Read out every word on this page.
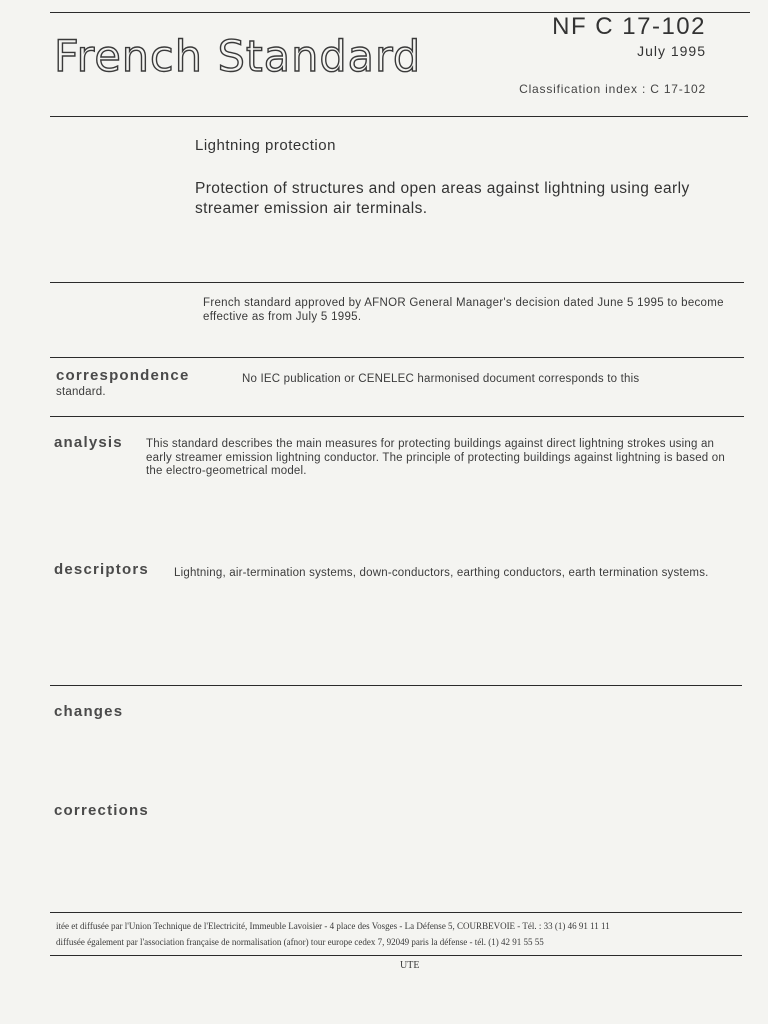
French Standard
NF C 17-102
July 1995
Classification index : C 17-102
Lightning protection
Protection of structures and open areas against lightning using early streamer emission air terminals.
French standard approved by AFNOR General Manager's decision dated June 5 1995 to become effective as from July 5 1995.
correspondence	No IEC publication or CENELEC harmonised document corresponds to this
standard.
analysis This standard describes the main measures for protecting buildings against direct lightning strokes using an early streamer emission lightning conductor. The principle of protecting buildings against lightning is based on the electro-geometrical model.
descriptors Lightning, air-termination systems, down-conductors, earthing conductors, earth termination systems.
changes
corrections
itée et diffusée par l'Union Technique de l'Electricité, Immeuble Lavoisier - 4 place des Vosges - La Défense 5, COURBEVOIE - Tél. : 33 (1) 46 91 11 11
diffusée également par l'association française de normalisation (afnor) tour europe cedex 7, 92049 paris la défense - tél. (1) 42 91 55 55
UTE
